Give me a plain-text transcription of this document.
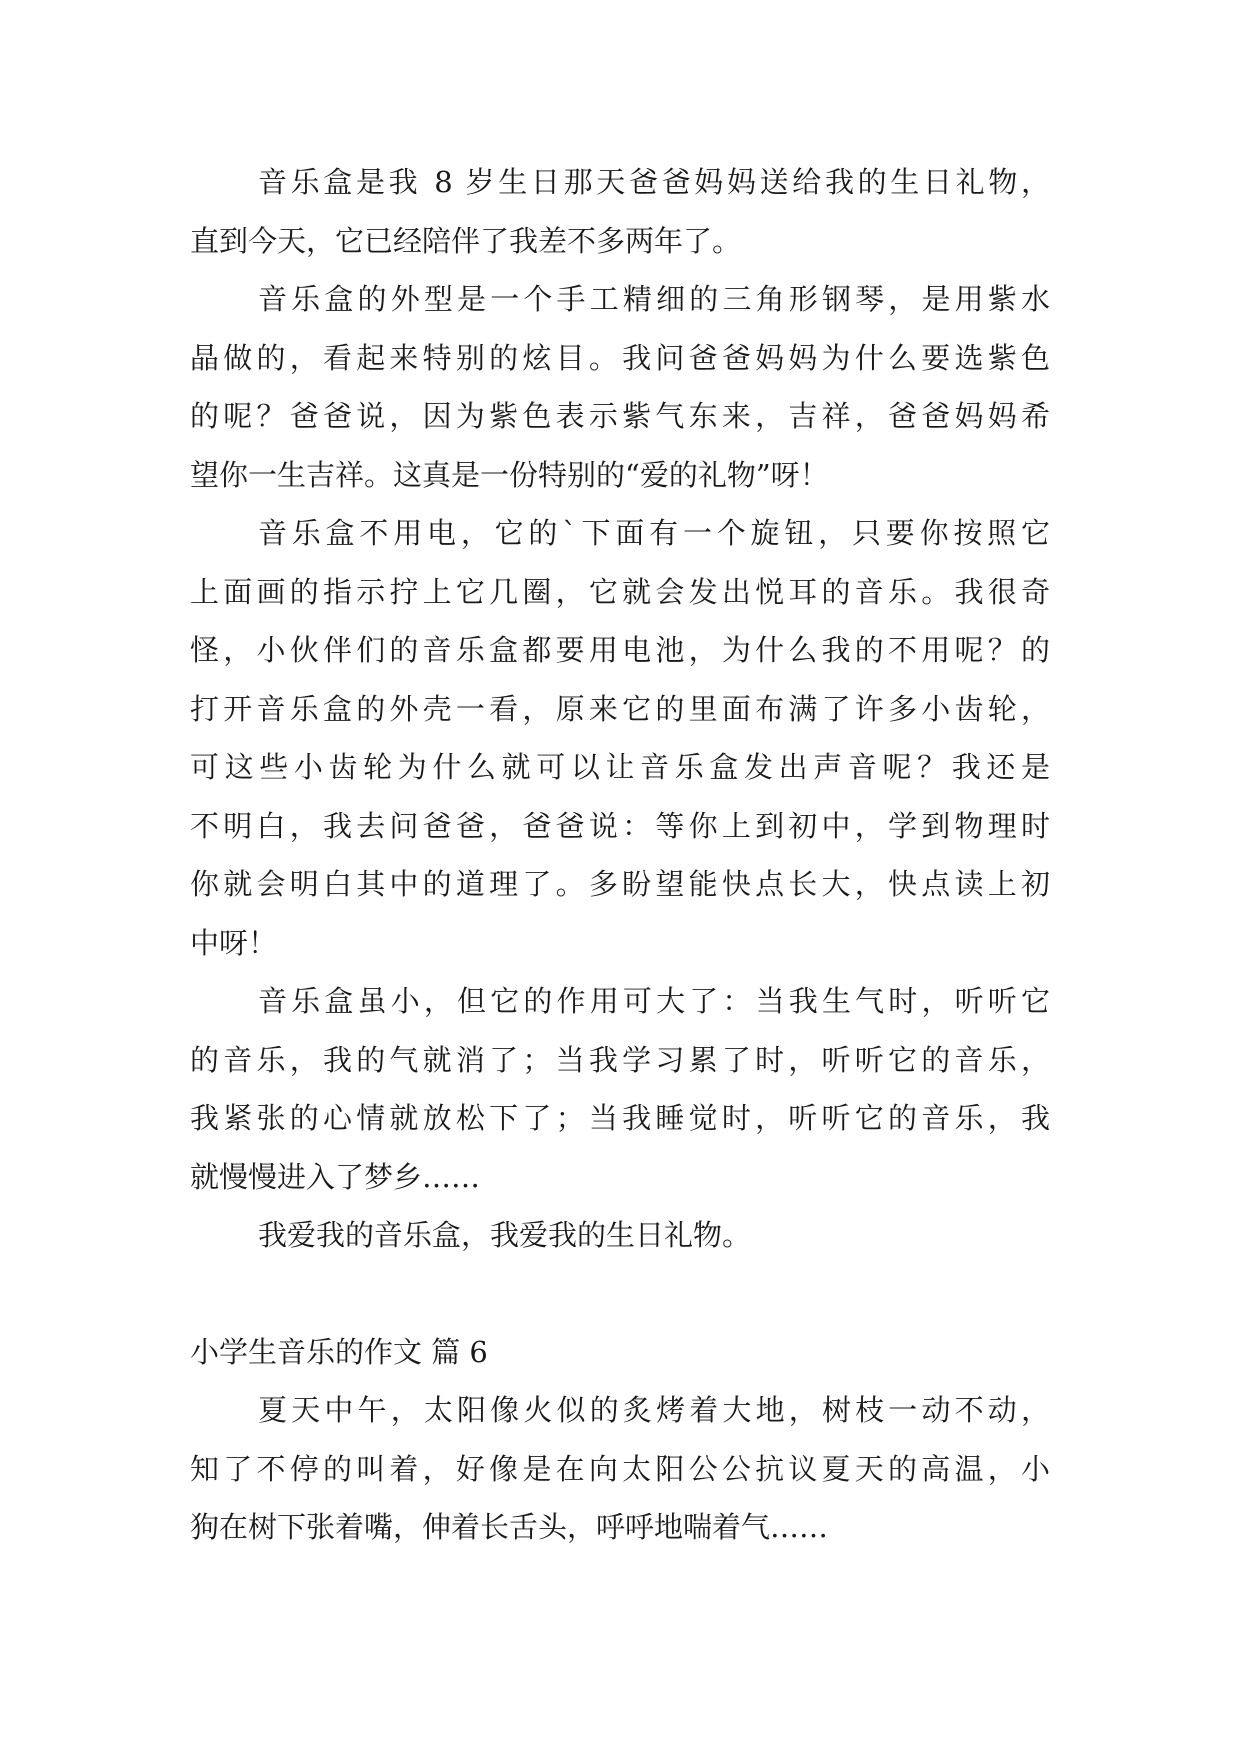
音乐盒是我 8 岁生日那天爸爸妈妈送给我的生日礼物，
直到今天，它已经陪伴了我差不多两年了。
音乐盒的外型是一个手工精细的三角形钢琴，是用紫水
晶做的，看起来特别的炫目。我问爸爸妈妈为什么要选紫色
的呢？爸爸说，因为紫色表示紫气东来，吉祥，爸爸妈妈希
望你一生吉祥。这真是一份特别的“爱的礼物”呀！
音乐盒不用电，它的`下面有一个旋钮，只要你按照它
上面画的指示拧上它几圈，它就会发出悦耳的音乐。我很奇
怪，小伙伴们的音乐盒都要用电池，为什么我的不用呢？的
打开音乐盒的外壳一看，原来它的里面布满了许多小齿轮，
可这些小齿轮为什么就可以让音乐盒发出声音呢？我还是
不明白，我去问爸爸，爸爸说：等你上到初中，学到物理时
你就会明白其中的道理了。多盼望能快点长大，快点读上初
中呀！
音乐盒虽小，但它的作用可大了：当我生气时，听听它
的音乐，我的气就消了；当我学习累了时，听听它的音乐，
我紧张的心情就放松下了；当我睡觉时，听听它的音乐，我
就慢慢进入了梦乡……
我爱我的音乐盒，我爱我的生日礼物。
小学生音乐的作文 篇 6
夏天中午，太阳像火似的炙烤着大地，树枝一动不动，
知了不停的叫着，好像是在向太阳公公抗议夏天的高温，小
狗在树下张着嘴，伸着长舌头，呼呼地喘着气……
